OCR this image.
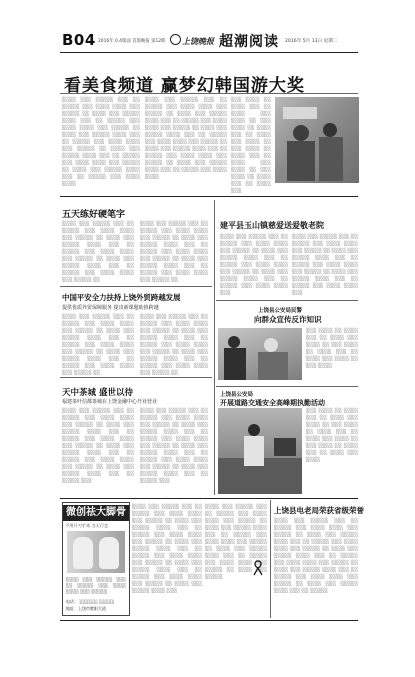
B04 2016年 0.4版面 首都晚报 第12期	上饶晚报 超潮阅读 2016年 5月 13日 星期二
看美食频道 赢梦幻韩国游大奖
░░░░ ░░░ ░░░░░ ░░░ ░░ ░░░░░ ░░░ ░░░░ ░░░░ ░░░ ░░░░░ ░░ ░░░░ ░░░ ░░░░░ ░░░░ ░░░ ░░ ░░░░░ ░░░ ░░░░ ░░░░ ░░░ ░░░░░ ░░ ░░░░ ░░░ ░░░░░ ░░░░ ░░░ ░░ ░░░░░ ░░░ ░░░░ ░░░░ ░░░ ░░░░░ ░░ ░░░░ ░░░ ░░░░░ ░░░░ ░░░ ░░ ░░░░░ ░░░ ░░░░ ░░░░ ░░░ ░░░░░ ░░ ░░░░ ░░░ ░░░░░ ░░░░ ░░░ ░░ ░░░░░ ░░░ ░░░░ ░░░░
░░░░ ░░░ ░░░░░ ░░░ ░░ ░░░░░ ░░░ ░░░░ ░░░░ ░░░ ░░░░░ ░░ ░░░░ ░░░ ░░░░░ ░░░░ ░░░ ░░ ░░░░░ ░░░ ░░░░ ░░░░ ░░░ ░░░░░ ░░ ░░░░ ░░░ ░░░░░ ░░░░ ░░░ ░░ ░░░░░ ░░░ ░░░░ ░░░░ ░░░ ░░░░░ ░░ ░░░░ ░░░ ░░░░░ ░░░░ ░░░ ░░ ░░░░░ ░░░ ░░░░ ░░░░ ░░░ ░░░░░ ░░ ░░░░ ░░░ ░░░░░ ░░░░ ░░░ ░░ ░░░░░ ░░░ ░░░░ ░░░░
░░░ ░░░░ ░░ ░░░░ ░░░ ░░ ░░░░ ░░░ ░░░░ ░░ ░░░ ░░░░ ░░ ░░░░ ░░░ ░░ ░░░░ ░░░ ░░░░ ░░ ░░░ ░░░░ ░░ ░░░░ ░░░ ░░ ░░░░ ░░░ ░░░░ ░░ ░░░ ░░░░ ░░ ░░░░ ░░░ ░░ ░░░░ ░░░
五天练好硬笔字
░░░░ ░░░ ░░░░░ ░░░ ░░ ░░░░░ ░░░ ░░░░ ░░░░ ░░░ ░░░░░ ░░ ░░░░ ░░░ ░░░░░ ░░░░ ░░░ ░░ ░░░░░ ░░░ ░░░░ ░░░░ ░░░ ░░░░░ ░░ ░░░░ ░░░ ░░░░░ ░░░░ ░░░ ░░ ░░░░░ ░░░ ░░░░ ░░░░ ░░░ ░░░░░ ░░
░░░░ ░░░ ░░░░░ ░░░ ░░ ░░░░░ ░░░ ░░░░ ░░░░ ░░░ ░░░░░ ░░ ░░░░ ░░░ ░░░░░ ░░░░ ░░░ ░░ ░░░░░ ░░░ ░░░░ ░░░░ ░░░ ░░░░░ ░░ ░░░░ ░░░ ░░░░░ ░░░░ ░░░ ░░ ░░░░░ ░░░ ░░░░ ░░░░ ░░░ ░░░░░ ░░
中国平安全力扶持上饶外贸跨越发展
提供优质外贸保障服务 提出新课题助推跨越
░░░░ ░░░ ░░░░░ ░░░ ░░ ░░░░░ ░░░ ░░░░ ░░░░ ░░░ ░░░░░ ░░ ░░░░ ░░░ ░░░░░ ░░░░ ░░░ ░░ ░░░░░ ░░░ ░░░░ ░░░░ ░░░ ░░░░░ ░░ ░░░░ ░░░ ░░░░░ ░░░░ ░░░ ░░ ░░░░░ ░░░ ░░░░ ░░░░ ░░░ ░░░░░ ░░
░░░░ ░░░ ░░░░░ ░░░ ░░ ░░░░░ ░░░ ░░░░ ░░░░ ░░░ ░░░░░ ░░ ░░░░ ░░░ ░░░░░ ░░░░ ░░░ ░░ ░░░░░ ░░░ ░░░░ ░░░░ ░░░ ░░░░░ ░░ ░░░░ ░░░ ░░░░░ ░░░░ ░░░ ░░ ░░░░░ ░░░ ░░░░ ░░░░ ░░░ ░░░░░ ░░
天中茶城 盛世以待
福建茶叶信都茶城在上饶金融中心开业营业
░░░░ ░░░ ░░░░░ ░░░ ░░ ░░░░░ ░░░ ░░░░ ░░░░ ░░░ ░░░░░ ░░ ░░░░ ░░░ ░░░░░ ░░░░ ░░░ ░░ ░░░░░ ░░░ ░░░░ ░░░░ ░░░ ░░░░░ ░░ ░░░░ ░░░ ░░░░░ ░░░░ ░░░ ░░ ░░░░░ ░░░ ░░░░ ░░░░ ░░░ ░░░░░ ░░ ░░░░ ░░░ ░░░░░ ░░░░ ░░░ ░░ ░░░░░ ░░░
░░░░ ░░░ ░░░░░ ░░░ ░░ ░░░░░ ░░░ ░░░░ ░░░░ ░░░ ░░░░░ ░░ ░░░░ ░░░ ░░░░░ ░░░░ ░░░ ░░ ░░░░░ ░░░ ░░░░ ░░░░ ░░░ ░░░░░ ░░ ░░░░ ░░░ ░░░░░ ░░░░ ░░░ ░░ ░░░░░ ░░░ ░░░░ ░░░░ ░░░ ░░░░░ ░░ ░░░░ ░░░ ░░░░░ ░░░░ ░░░ ░░ ░░░░░ ░░░
建平县玉山镇慈爱送爱敬老院
░░░░ ░░░ ░░░░░ ░░░ ░░ ░░░░░ ░░░ ░░░░ ░░░░ ░░░ ░░░░░ ░░ ░░░░ ░░░ ░░░░░ ░░░░ ░░░ ░░ ░░░░░ ░░░ ░░░░ ░░░░ ░░░ ░░░░░ ░░ ░░░░ ░░░ ░░░░░ ░░░░ ░░░ ░░ ░░░░░ ░░░ ░░░░ ░░░░ ░░░
░░░░ ░░░ ░░░░░ ░░░ ░░ ░░░░░ ░░░ ░░░░ ░░░░ ░░░ ░░░░░ ░░ ░░░░ ░░░ ░░░░░ ░░░░ ░░░ ░░ ░░░░░ ░░░ ░░░░ ░░░░ ░░░ ░░░░░ ░░ ░░░░ ░░░ ░░░░░ ░░░░ ░░░ ░░ ░░░░░ ░░░ ░░░░ ░░░░ ░░░
上饶县公安局民警
向群众宣传反诈知识
░░░ ░░░░ ░░ ░░░░ ░░░ ░░ ░░░░ ░░░ ░░░░ ░░ ░░░ ░░░░ ░░ ░░░░ ░░░ ░░ ░░░░ ░░░ ░░░░ ░░ ░░░ ░░░░
上饶县公安局
开展道路交通安全高峰期执勤活动
░░░ ░░░░ ░░ ░░░░ ░░░ ░░ ░░░░ ░░░ ░░░░ ░░ ░░░ ░░░░ ░░ ░░░░ ░░░ ░░ ░░░░ ░░░ ░░░░ ░░ ░░░ ░░░░ ░░ ░░░░ ░░░ ░░ ░░░░ ░░░ ░░░░
微创祛大脚骨
不用开刀手术 当天行走
░░░░ ░░░ ░░░░░ ░░░ ░░ ░░░░░ ░░░ ░░░░ ░░░░ ░░░ ░░░░░
电话： ░░░░░░ ░░░░░
地址：上饶市紫阳大道
░░░░ ░░░ ░░░░░ ░░░ ░░ ░░░░░ ░░░ ░░░░ ░░░░ ░░░ ░░░░░ ░░ ░░░░ ░░░ ░░░░░ ░░░░ ░░░ ░░ ░░░░░ ░░░ ░░░░ ░░░░ ░░░ ░░░░░ ░░ ░░░░ ░░░ ░░░░░ ░░░░ ░░░ ░░ ░░░░░ ░░░ ░░░░ ░░░░ ░░░ ░░░░░ ░░ ░░░░ ░░░ ░░░░░ ░░░░ ░░░ ░░ ░░░░░ ░░░ ░░░░ ░░░░ ░░░ ░░░░░ ░░ ░░░░ ░░░ ░░░░░ ░░░░ ░░░
░░░░ ░░░ ░░░░░ ░░░ ░░ ░░░░░ ░░░ ░░░░ ░░░░ ░░░ ░░░░░ ░░ ░░░░ ░░░ ░░░░░ ░░░░ ░░░ ░░ ░░░░░ ░░░ ░░░░ ░░░░ ░░░ ░░░░░ ░░ ░░░░ ░░░ ░░░░░ ░░░░ ░░░ ░░ ░░░░░ ░░░ ░░░░ ░░░░ ░░░ ░░░░░ ░░ ░░░░ ░░░ ░░░░░
上饶县电老局荣获省级荣誉
░░░░ ░░░ ░░░░░ ░░░ ░░ ░░░░░ ░░░ ░░░░ ░░░░ ░░░ ░░░░░ ░░ ░░░░ ░░░ ░░░░░ ░░░░ ░░░ ░░ ░░░░░ ░░░ ░░░░ ░░░░ ░░░ ░░░░░ ░░ ░░░░ ░░░ ░░░░░ ░░░░ ░░░ ░░ ░░░░░ ░░░ ░░░░ ░░░░ ░░░ ░░░░░ ░░ ░░░░ ░░░ ░░░░░ ░░░░ ░░░ ░░ ░░░░░ ░░░ ░░░░ ░░░░ ░░░ ░░░░░ ░░ ░░░░ ░░░ ░░░░░ ░░░░ ░░░ ░░ ░░░░░
